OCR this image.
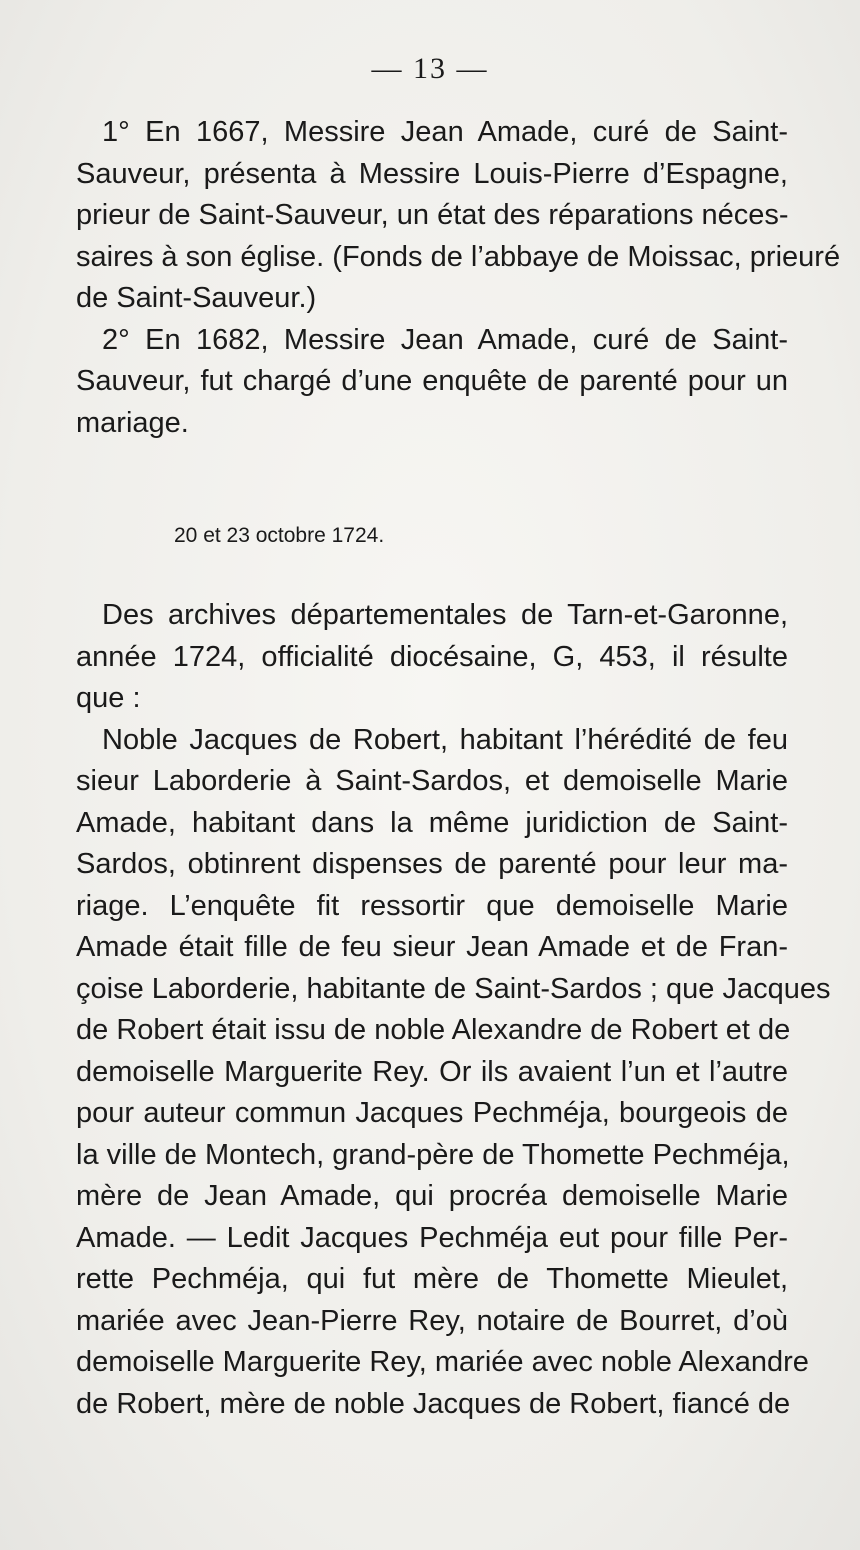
— 13 —
1° En 1667, Messire Jean Amade, curé de Saint-
Sauveur, présenta à Messire Louis-Pierre d’Espagne,
prieur de Saint-Sauveur, un état des réparations néces-
saires à son église. (Fonds de l’abbaye de Moissac, prieuré
de Saint-Sauveur.)
2° En 1682, Messire Jean Amade, curé de Saint-
Sauveur, fut chargé d’une enquête de parenté pour un
mariage.
20 et 23 octobre 1724.
Des archives départementales de Tarn-et-Garonne,
année 1724, officialité diocésaine, G, 453, il résulte
que :
Noble Jacques de Robert, habitant l’hérédité de feu
sieur Laborderie à Saint-Sardos, et demoiselle Marie
Amade, habitant dans la même juridiction de Saint-
Sardos, obtinrent dispenses de parenté pour leur ma-
riage. L’enquête fit ressortir que demoiselle Marie
Amade était fille de feu sieur Jean Amade et de Fran-
çoise Laborderie, habitante de Saint-Sardos ; que Jacques
de Robert était issu de noble Alexandre de Robert et de
demoiselle Marguerite Rey. Or ils avaient l’un et l’autre
pour auteur commun Jacques Pechméja, bourgeois de
la ville de Montech, grand-père de Thomette Pechméja,
mère de Jean Amade, qui procréa demoiselle Marie
Amade. — Ledit Jacques Pechméja eut pour fille Per-
rette Pechméja, qui fut mère de Thomette Mieulet,
mariée avec Jean-Pierre Rey, notaire de Bourret, d’où
demoiselle Marguerite Rey, mariée avec noble Alexandre
de Robert, mère de noble Jacques de Robert, fiancé de
